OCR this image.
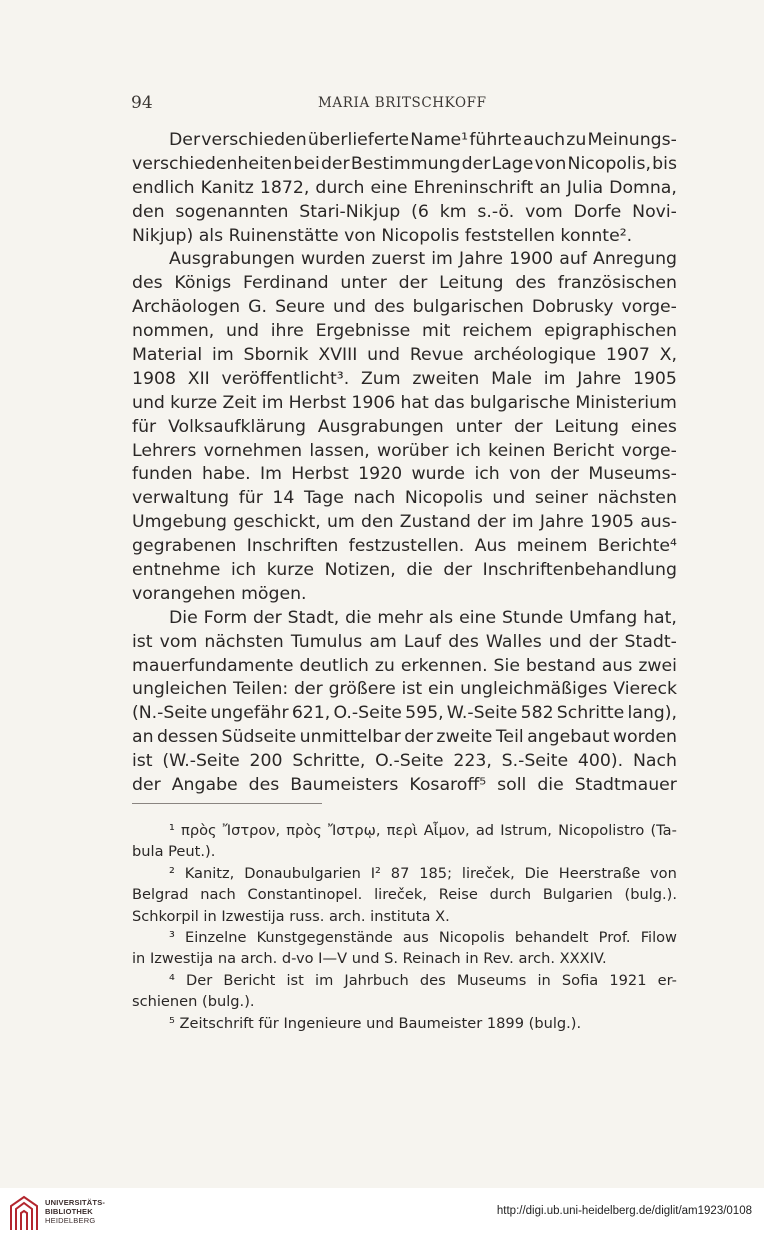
94	MARIA BRITSCHKOFF
Der verschieden überlieferte Name¹ führte auch zu Meinungs-
verschiedenheiten bei der Bestimmung der Lage von Nicopolis, bis
endlich Kanitz 1872, durch eine Ehreninschrift an Julia Domna,
den sogenannten Stari-Nikjup (6 km s.-ö. vom Dorfe Novi-
Nikjup) als Ruinenstätte von Nicopolis feststellen konnte².
Ausgrabungen wurden zuerst im Jahre 1900 auf Anregung
des Königs Ferdinand unter der Leitung des französischen
Archäologen G. Seure und des bulgarischen Dobrusky vorge-
nommen, und ihre Ergebnisse mit reichem epigraphischen
Material im Sbornik XVIII und Revue archéologique 1907 X,
1908 XII veröffentlicht³. Zum zweiten Male im Jahre 1905
und kurze Zeit im Herbst 1906 hat das bulgarische Ministerium
für Volksaufklärung Ausgrabungen unter der Leitung eines
Lehrers vornehmen lassen, worüber ich keinen Bericht vorge-
funden habe. Im Herbst 1920 wurde ich von der Museums-
verwaltung für 14 Tage nach Nicopolis und seiner nächsten
Umgebung geschickt, um den Zustand der im Jahre 1905 aus-
gegrabenen Inschriften festzustellen. Aus meinem Berichte⁴
entnehme ich kurze Notizen, die der Inschriftenbehandlung
vorangehen mögen.
Die Form der Stadt, die mehr als eine Stunde Umfang hat,
ist vom nächsten Tumulus am Lauf des Walles und der Stadt-
mauerfundamente deutlich zu erkennen. Sie bestand aus zwei
ungleichen Teilen: der größere ist ein ungleichmäßiges Viereck
(N.-Seite ungefähr 621, O.-Seite 595, W.-Seite 582 Schritte lang),
an dessen Südseite unmittelbar der zweite Teil angebaut worden
ist (W.-Seite 200 Schritte, O.-Seite 223, S.-Seite 400). Nach
der Angabe des Baumeisters Kosaroff⁵ soll die Stadtmauer
¹ πρὸς Ἴστρον, πρὸς Ἴστρῳ, περὶ Αἷμον, ad Istrum, Nicopolistro (Ta-
bula Peut.).
² Kanitz, Donaubulgarien I² 87 185; lireček, Die Heerstraße von
Belgrad nach Constantinopel. lireček, Reise durch Bulgarien (bulg.).
Schkorpil in Izwestija russ. arch. instituta X.
³ Einzelne Kunstgegenstände aus Nicopolis behandelt Prof. Filow
in Izwestija na arch. d-vo I—V und S. Reinach in Rev. arch. XXXIV.
⁴ Der Bericht ist im Jahrbuch des Museums in Sofia 1921 er-
schienen (bulg.).
⁵ Zeitschrift für Ingenieure und Baumeister 1899 (bulg.).
UNIVERSITÄTS-
BIBLIOTHEK
HEIDELBERG
http://digi.ub.uni-heidelberg.de/diglit/am1923/0108
